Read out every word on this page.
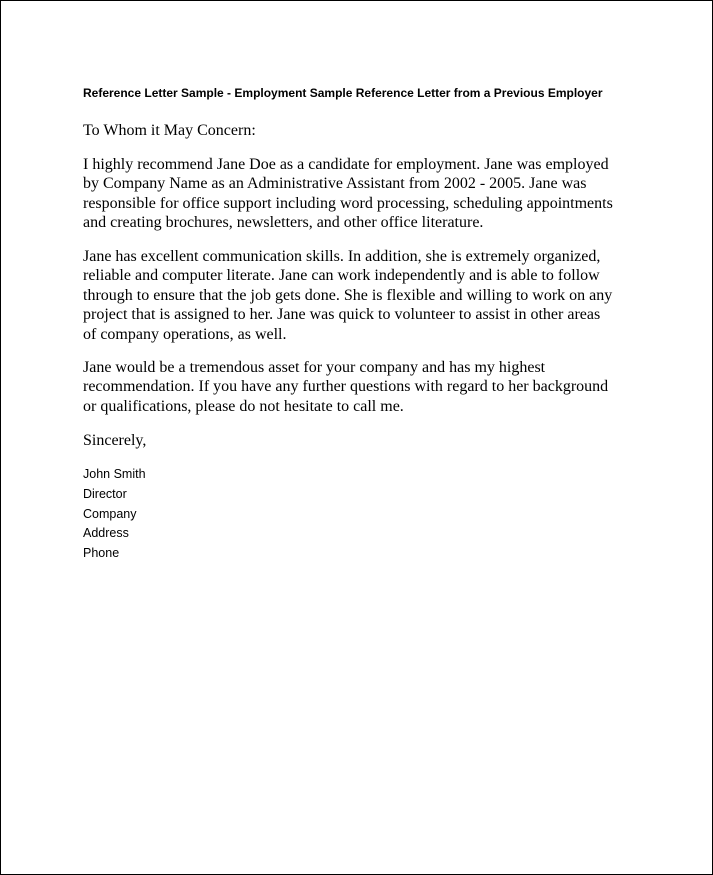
Reference Letter Sample - Employment Sample Reference Letter from a Previous Employer
To Whom it May Concern:
I highly recommend Jane Doe as a candidate for employment. Jane was employed
by Company Name as an Administrative Assistant from 2002 - 2005. Jane was
responsible for office support including word processing, scheduling appointments
and creating brochures, newsletters, and other office literature.
Jane has excellent communication skills. In addition, she is extremely organized,
reliable and computer literate. Jane can work independently and is able to follow
through to ensure that the job gets done. She is flexible and willing to work on any
project that is assigned to her. Jane was quick to volunteer to assist in other areas
of company operations, as well.
Jane would be a tremendous asset for your company and has my highest
recommendation. If you have any further questions with regard to her background
or qualifications, please do not hesitate to call me.
Sincerely,
John Smith
Director
Company
Address
Phone
